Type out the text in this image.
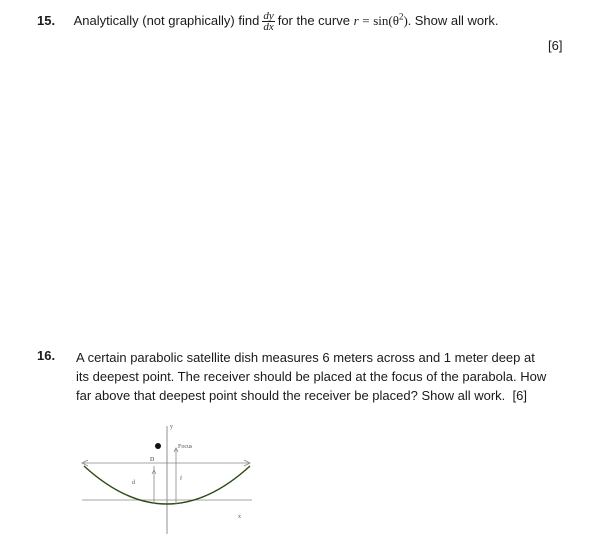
15. Analytically (not graphically) find $\frac{dy}{dx}$ for the curve $r = \sin(\theta^2)$. Show all work.
[6]
16. A certain parabolic satellite dish measures 6 meters across and 1 meter deep at
its deepest point. The receiver should be placed at the focus of the parabola. How
far above that deepest point should the receiver be placed? Show all work.  [6]
y
Focus
D
d
f
x
